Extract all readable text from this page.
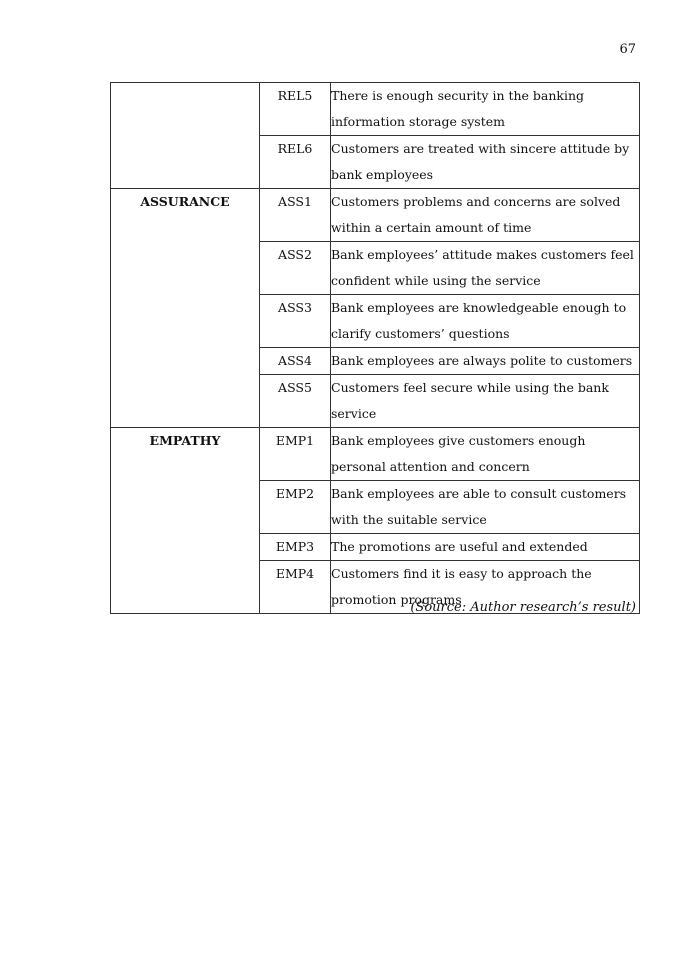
67
	REL5	There is enough security in the banking information storage system
	REL6	Customers are treated with sincere attitude by bank employees
ASSURANCE	ASS1	Customers problems and concerns are solved within a certain amount of time
	ASS2	Bank employees’ attitude makes customers feel confident while using the service
	ASS3	Bank employees are knowledgeable enough to clarify customers’ questions
	ASS4	Bank employees are always polite to customers
	ASS5	Customers feel secure while using the bank service
EMPATHY	EMP1	Bank employees give customers enough personal attention and concern
	EMP2	Bank employees are able to consult customers with the suitable service
	EMP3	The promotions are useful and extended
	EMP4	Customers find it is easy to approach the promotion programs
(Source: Author research’s result)
